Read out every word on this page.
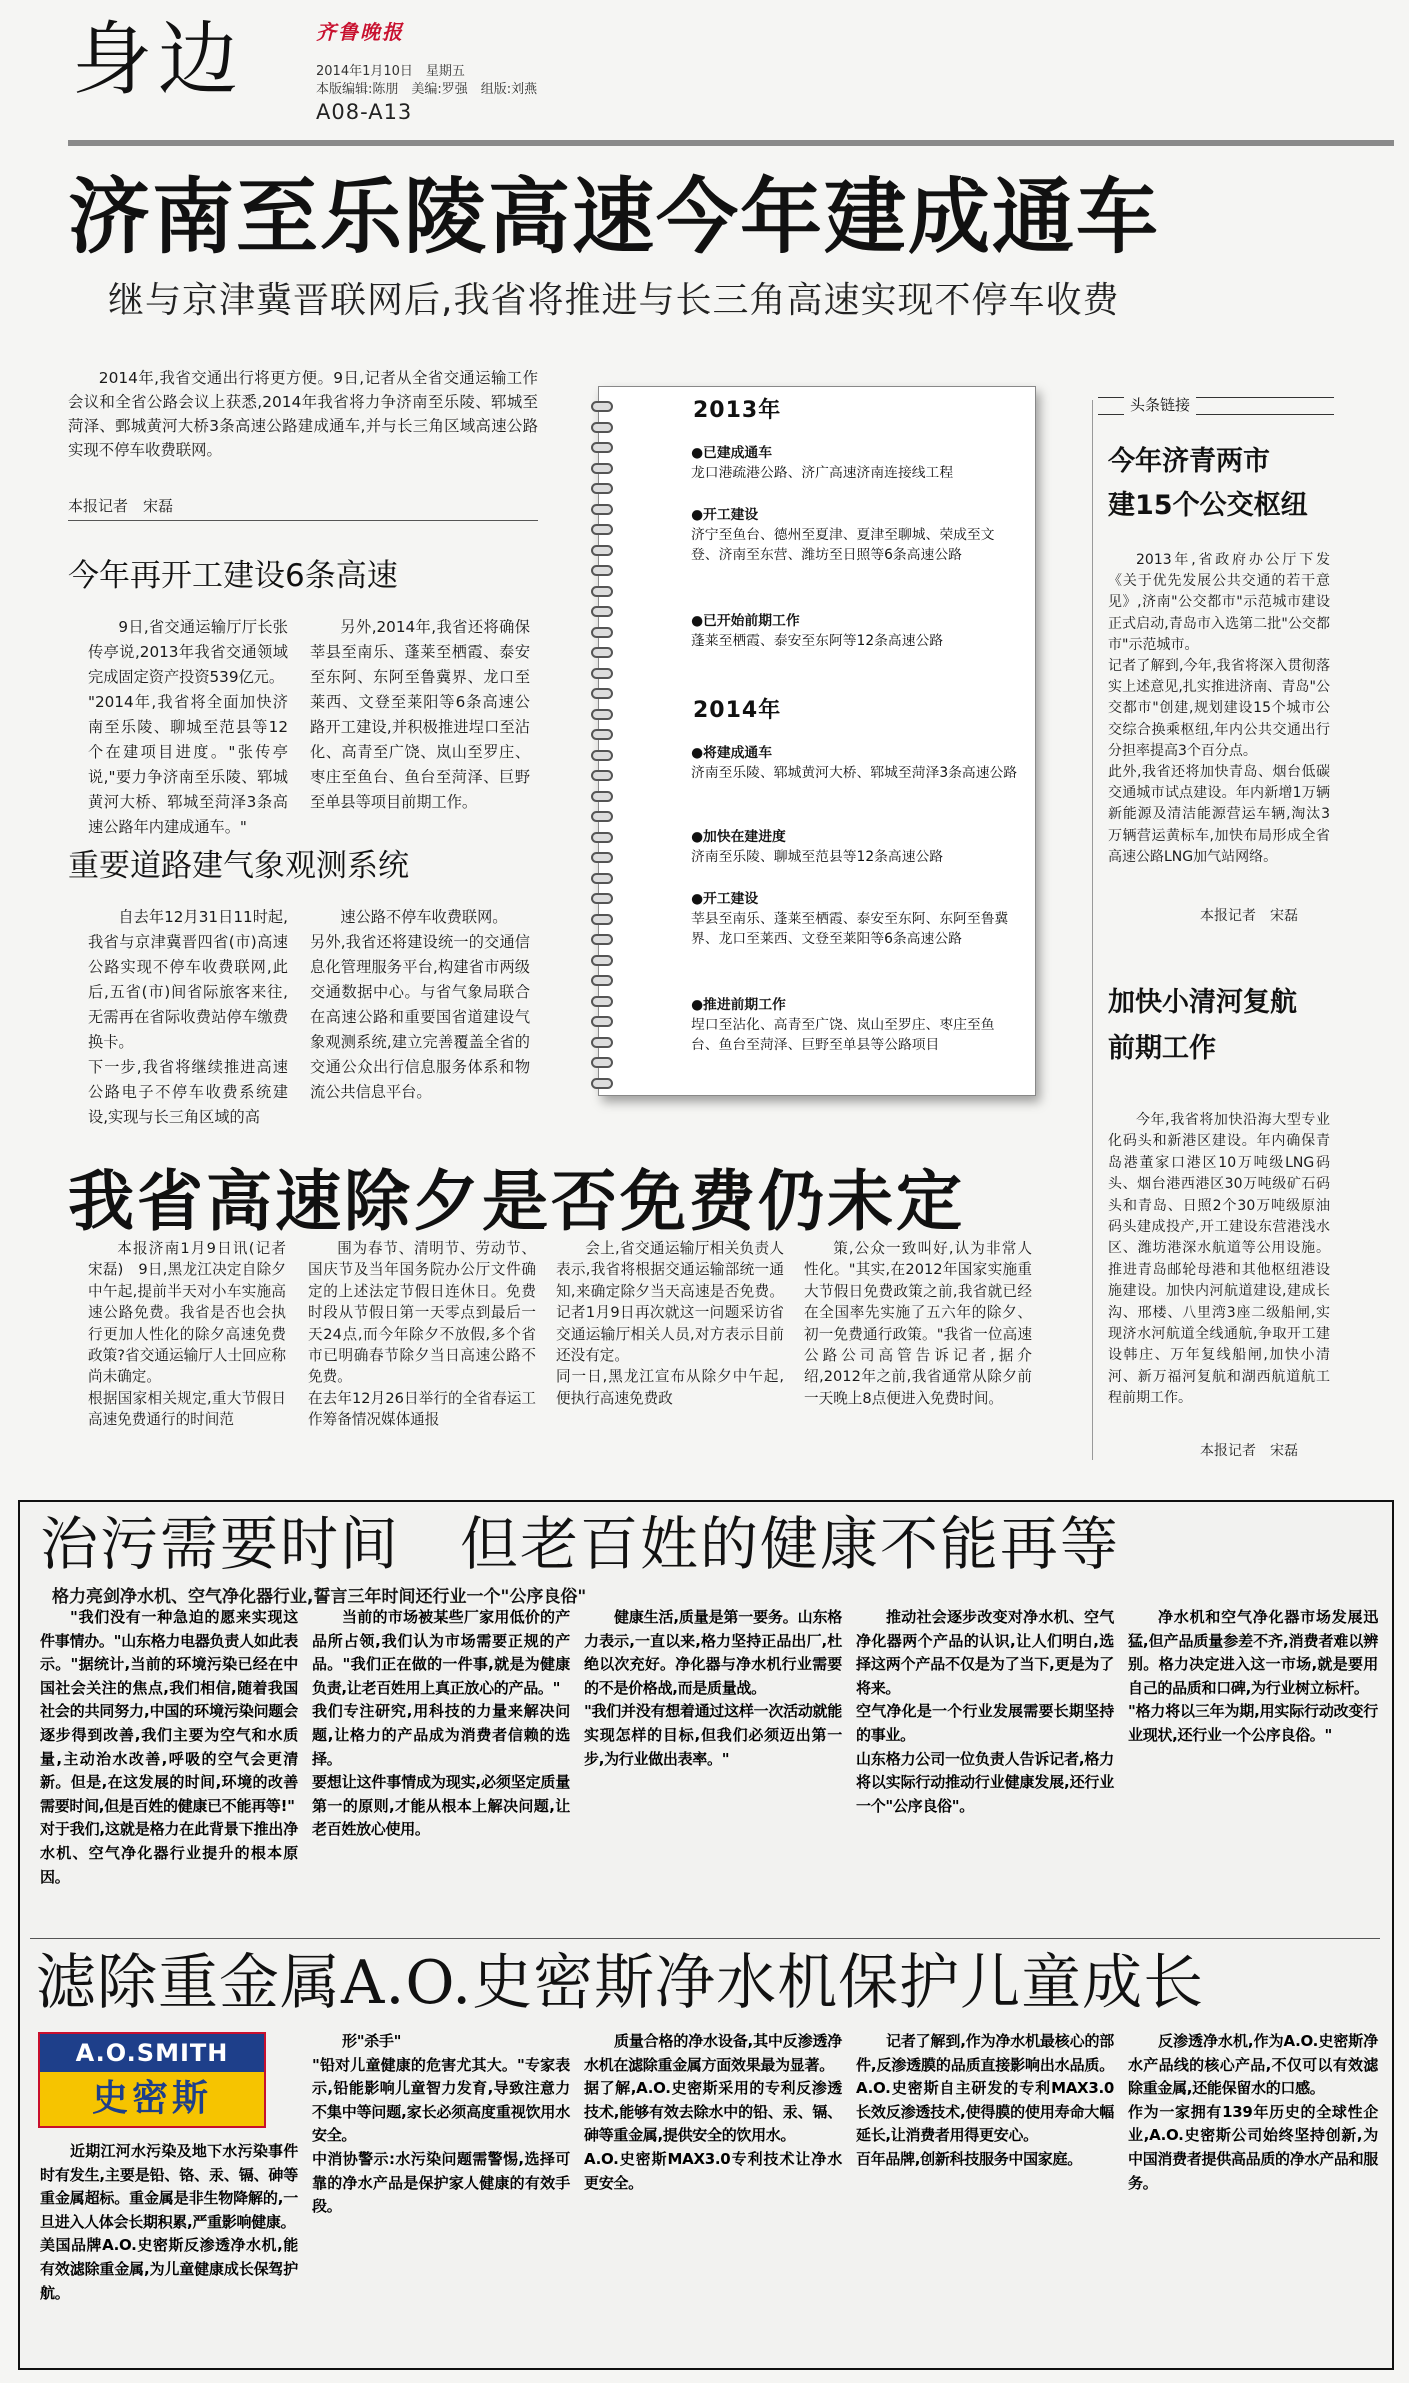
身边	齐鲁晚报
2014年1月10日　星期五
本版编辑:陈朋　美编:罗强　组版:刘燕
A08-A13
济南至乐陵高速今年建成通车
继与京津冀晋联网后,我省将推进与长三角高速实现不停车收费

2014年,我省交通出行将更方便。9日,记者从全省交通运输工作会议和全省公路会议上获悉,2014年我省将力争济南至乐陵、郓城至菏泽、鄄城黄河大桥3条高速公路建成通车,并与长三角区域高速公路实现不停车收费联网。

本报记者　宋磊
今年再开工建设6条高速
9日,省交通运输厅厅长张传亭说,2013年我省交通领域完成固定资产投资539亿元。
"2014年,我省将全面加快济南至乐陵、聊城至范县等12个在建项目进度。"张传亭说,"要力争济南至乐陵、郓城黄河大桥、郓城至菏泽3条高速公路年内建成通车。"
另外,2014年,我省还将确保莘县至南乐、蓬莱至栖霞、泰安至东阿、东阿至鲁冀界、龙口至莱西、文登至莱阳等6条高速公路开工建设,并积极推进埕口至沾化、高青至广饶、岚山至罗庄、枣庄至鱼台、鱼台至菏泽、巨野至单县等项目前期工作。
重要道路建气象观测系统
自去年12月31日11时起,我省与京津冀晋四省(市)高速公路实现不停车收费联网,此后,五省(市)间省际旅客来往,无需再在省际收费站停车缴费换卡。
下一步,我省将继续推进高速公路电子不停车收费系统建设,实现与长三角区域的高
速公路不停车收费联网。
另外,我省还将建设统一的交通信息化管理服务平台,构建省市两级交通数据中心。与省气象局联合在高速公路和重要国省道建设气象观测系统,建立完善覆盖全省的交通公众出行信息服务体系和物流公共信息平台。
2013年
●已建成通车
龙口港疏港公路、济广高速济南连接线工程
●开工建设
济宁至鱼台、德州至夏津、夏津至聊城、荣成至文登、济南至东营、潍坊至日照等6条高速公路
●已开始前期工作
蓬莱至栖霞、泰安至东阿等12条高速公路
2014年
●将建成通车
济南至乐陵、郓城黄河大桥、郓城至菏泽3条高速公路
●加快在建进度
济南至乐陵、聊城至范县等12条高速公路
●开工建设
莘县至南乐、蓬莱至栖霞、泰安至东阿、东阿至鲁冀界、龙口至莱西、文登至莱阳等6条高速公路
●推进前期工作
埕口至沾化、高青至广饶、岚山至罗庄、枣庄至鱼台、鱼台至菏泽、巨野至单县等公路项目
头条链接
今年济青两市
建15个公交枢纽
2013年,省政府办公厅下发《关于优先发展公共交通的若干意见》,济南"公交都市"示范城市建设正式启动,青岛市入选第二批"公交都市"示范城市。
记者了解到,今年,我省将深入贯彻落实上述意见,扎实推进济南、青岛"公交都市"创建,规划建设15个城市公交综合换乘枢纽,年内公共交通出行分担率提高3个百分点。
此外,我省还将加快青岛、烟台低碳交通城市试点建设。年内新增1万辆新能源及清洁能源营运车辆,淘汰3万辆营运黄标车,加快布局形成全省高速公路LNG加气站网络。
本报记者　宋磊
加快小清河复航
前期工作
今年,我省将加快沿海大型专业化码头和新港区建设。年内确保青岛港董家口港区10万吨级LNG码头、烟台港西港区30万吨级矿石码头和青岛、日照2个30万吨级原油码头建成投产,开工建设东营港浅水区、潍坊港深水航道等公用设施。推进青岛邮轮母港和其他枢纽港设施建设。加快内河航道建设,建成长沟、邢楼、八里湾3座二级船闸,实现济水河航道全线通航,争取开工建设韩庄、万年复线船闸,加快小清河、新万福河复航和湖西航道航工程前期工作。
本报记者　宋磊
我省高速除夕是否免费仍未定
本报济南1月9日讯(记者宋磊)　9日,黑龙江决定自除夕中午起,提前半天对小车实施高速公路免费。我省是否也会执行更加人性化的除夕高速免费政策?省交通运输厅人士回应称尚未确定。
根据国家相关规定,重大节假日高速免费通行的时间范
围为春节、清明节、劳动节、国庆节及当年国务院办公厅文件确定的上述法定节假日连休日。免费时段从节假日第一天零点到最后一天24点,而今年除夕不放假,多个省市已明确春节除夕当日高速公路不免费。
在去年12月26日举行的全省春运工作筹备情况媒体通报
会上,省交通运输厅相关负责人表示,我省将根据交通运输部统一通知,来确定除夕当天高速是否免费。记者1月9日再次就这一问题采访省交通运输厅相关人员,对方表示目前还没有定。
同一日,黑龙江宣布从除夕中午起,便执行高速免费政
策,公众一致叫好,认为非常人性化。"其实,在2012年国家实施重大节假日免费政策之前,我省就已经在全国率先实施了五六年的除夕、初一免费通行政策。"我省一位高速公路公司高管告诉记者,据介绍,2012年之前,我省通常从除夕前一天晚上8点便进入免费时间。
治污需要时间　但老百姓的健康不能再等
格力亮剑净水机、空气净化器行业,誓言三年时间还行业一个"公序良俗"
"我们没有一种急迫的愿来实现这件事情办。"山东格力电器负责人如此表示。"据统计,当前的环境污染已经在中国社会关注的焦点,我们相信,随着我国社会的共同努力,中国的环境污染问题会逐步得到改善,我们主要为空气和水质量,主动治水改善,呼吸的空气会更清新。但是,在这发展的时间,环境的改善需要时间,但是百姓的健康已不能再等!"
对于我们,这就是格力在此背景下推出净水机、空气净化器行业提升的根本原因。
当前的市场被某些厂家用低价的产品所占领,我们认为市场需要正规的产品。"我们正在做的一件事,就是为健康负责,让老百姓用上真正放心的产品。"
我们专注研究,用科技的力量来解决问题,让格力的产品成为消费者信赖的选择。
要想让这件事情成为现实,必须坚定质量第一的原则,才能从根本上解决问题,让老百姓放心使用。
健康生活,质量是第一要务。山东格力表示,一直以来,格力坚持正品出厂,杜绝以次充好。净化器与净水机行业需要的不是价格战,而是质量战。
"我们并没有想着通过这样一次活动就能实现怎样的目标,但我们必须迈出第一步,为行业做出表率。"
推动社会逐步改变对净水机、空气净化器两个产品的认识,让人们明白,选择这两个产品不仅是为了当下,更是为了将来。
空气净化是一个行业发展需要长期坚持的事业。
山东格力公司一位负责人告诉记者,格力将以实际行动推动行业健康发展,还行业一个"公序良俗"。
净水机和空气净化器市场发展迅猛,但产品质量参差不齐,消费者难以辨别。格力决定进入这一市场,就是要用自己的品质和口碑,为行业树立标杆。
"格力将以三年为期,用实际行动改变行业现状,还行业一个公序良俗。"
滤除重金属A.O.史密斯净水机保护儿童成长
A.O.SMITH
史密斯
近期江河水污染及地下水污染事件时有发生,主要是铅、铬、汞、镉、砷等重金属超标。重金属是非生物降解的,一旦进入人体会长期积累,严重影响健康。
美国品牌A.O.史密斯反渗透净水机,能有效滤除重金属,为儿童健康成长保驾护航。
形"杀手"
"铅对儿童健康的危害尤其大。"专家表示,铅能影响儿童智力发育,导致注意力不集中等问题,家长必须高度重视饮用水安全。
中消协警示:水污染问题需警惕,选择可靠的净水产品是保护家人健康的有效手段。
质量合格的净水设备,其中反渗透净水机在滤除重金属方面效果最为显著。
据了解,A.O.史密斯采用的专利反渗透技术,能够有效去除水中的铅、汞、镉、砷等重金属,提供安全的饮用水。
A.O.史密斯MAX3.0专利技术让净水更安全。
记者了解到,作为净水机最核心的部件,反渗透膜的品质直接影响出水品质。A.O.史密斯自主研发的专利MAX3.0长效反渗透技术,使得膜的使用寿命大幅延长,让消费者用得更安心。
百年品牌,创新科技服务中国家庭。
反渗透净水机,作为A.O.史密斯净水产品线的核心产品,不仅可以有效滤除重金属,还能保留水的口感。
作为一家拥有139年历史的全球性企业,A.O.史密斯公司始终坚持创新,为中国消费者提供高品质的净水产品和服务。
